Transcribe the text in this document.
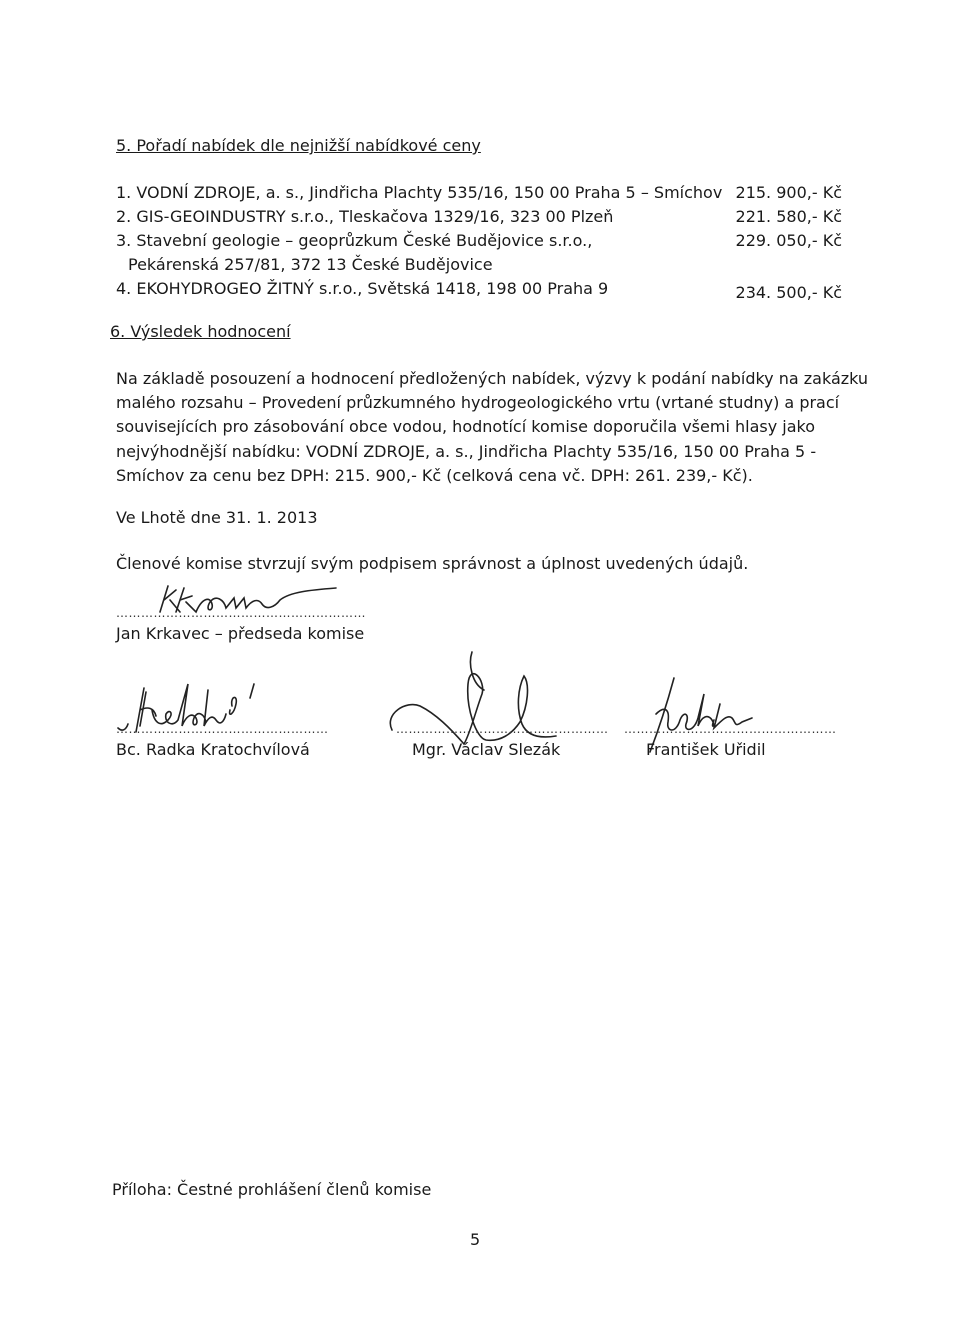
5. Pořadí nabídek dle nejnižší nabídkové ceny
1. VODNÍ ZDROJE, a. s., Jindřicha Plachty 535/16, 150 00 Praha 5 – Smíchov 215. 900,- Kč
2. GIS-GEOINDUSTRY s.r.o., Tleskačova 1329/16, 323 00 Plzeň	221. 580,- Kč
3. Stavební geologie – geoprůzkum České Budějovice s.r.o.,	229. 050,- Kč
Pekárenská 257/81, 372 13 České Budějovice
4. EKOHYDROGEO ŽITNÝ s.r.o., Světská 1418, 198 00 Praha 9	234. 500,- Kč
6. Výsledek hodnocení
Na základě posouzení a hodnocení předložených nabídek, výzvy k podání nabídky na zakázku
malého rozsahu – Provedení průzkumného hydrogeologického vrtu (vrtané studny) a prací
souvisejících pro zásobování obce vodou, hodnotící komise doporučila všemi hlasy jako
nejvýhodnější nabídku: VODNÍ ZDROJE, a. s., Jindřicha Plachty 535/16, 150 00 Praha 5 -
Smíchov za cenu bez DPH: 215. 900,- Kč (celková cena vč. DPH: 261. 239,- Kč).
Ve Lhotě dne 31. 1. 2013
Členové komise stvrzují svým podpisem správnost a úplnost uvedených údajů.
……………………………………………………
Jan Krkavec – předseda komise
……………………………………………
Bc. Radka Kratochvílová
……………………………………………
Mgr. Václav Slezák
……………………………………………
František Uřidil
Příloha: Čestné prohlášení členů komise
5
